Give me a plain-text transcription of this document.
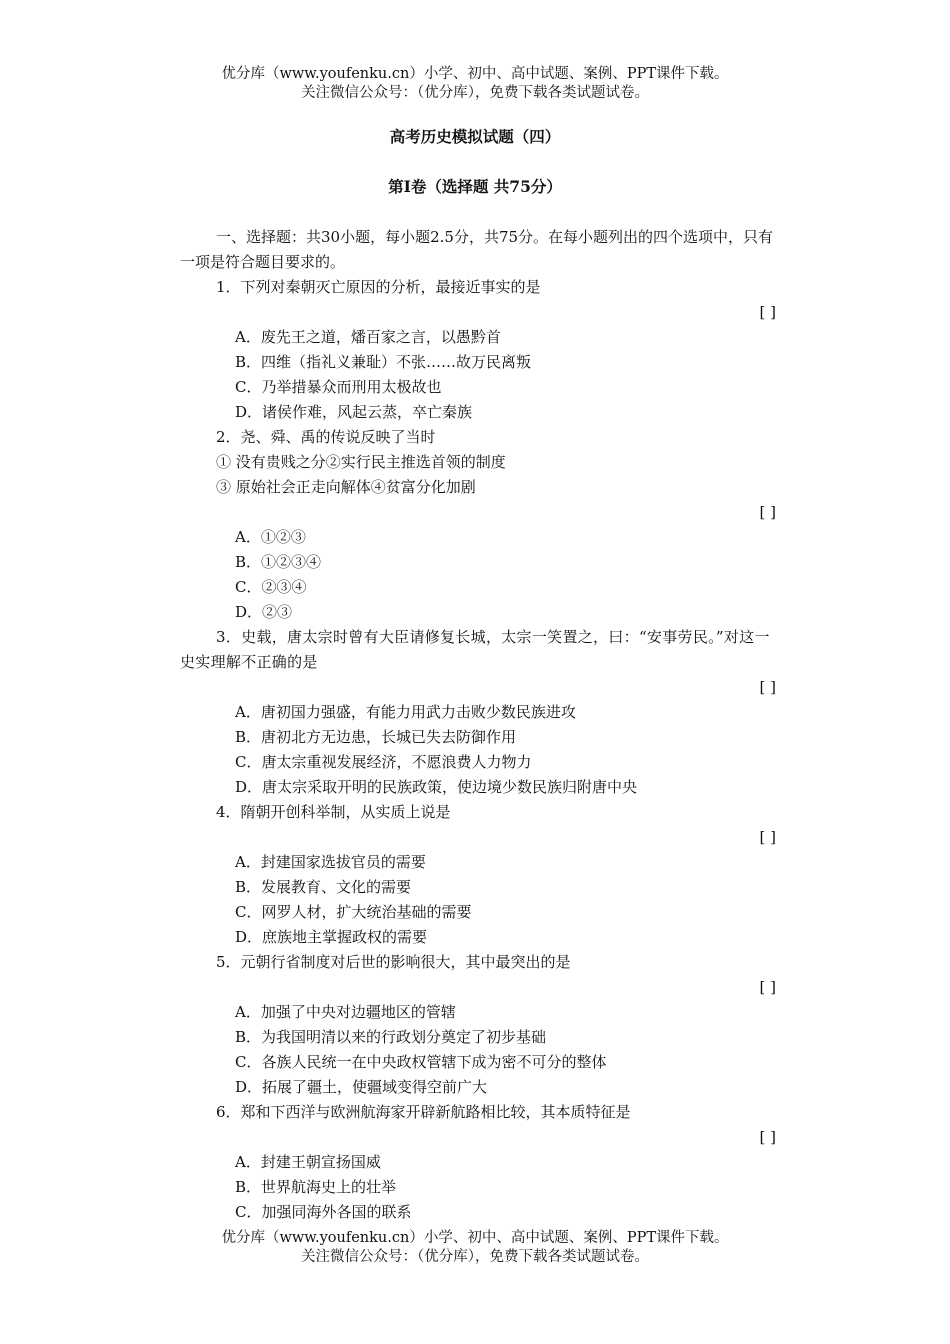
优分库（www.youfenku.cn）小学、初中、高中试题、案例、PPT课件下载。
关注微信公众号：（优分库），免费下载各类试题试卷。
高考历史模拟试题（四）
第Ⅰ卷（选择题 共75分）

一、选择题：共30小题，每小题2.5分，共75分。在每小题列出的四个选项中，只有一项是符合题目要求的。

1．下列对秦朝灭亡原因的分析，最接近事实的是
[ ]
A．废先王之道，燔百家之言，以愚黔首
B．四维（指礼义兼耻）不张……故万民离叛
C．乃举措暴众而刑用太极故也
D．诸侯作难，风起云蒸，卒亡秦族
2．尧、舜、禹的传说反映了当时
① 没有贵贱之分②实行民主推选首领的制度
③ 原始社会正走向解体④贫富分化加剧
[ ]
A．①②③
B．①②③④
C．②③④
D．②③
3．史载，唐太宗时曾有大臣请修复长城，太宗一笑置之，曰：“安事劳民。”对这一史实理解不正确的是
[ ]
A．唐初国力强盛，有能力用武力击败少数民族进攻
B．唐初北方无边患，长城已失去防御作用
C．唐太宗重视发展经济，不愿浪费人力物力
D．唐太宗采取开明的民族政策，使边境少数民族归附唐中央
4．隋朝开创科举制，从实质上说是
[ ]
A．封建国家选拔官员的需要
B．发展教育、文化的需要
C．网罗人材，扩大统治基础的需要
D．庶族地主掌握政权的需要
5．元朝行省制度对后世的影响很大，其中最突出的是
[ ]
A．加强了中央对边疆地区的管辖
B．为我国明清以来的行政划分奠定了初步基础
C．各族人民统一在中央政权管辖下成为密不可分的整体
D．拓展了疆土，使疆域变得空前广大
6．郑和下西洋与欧洲航海家开辟新航路相比较，其本质特征是
[ ]
A．封建王朝宣扬国威
B．世界航海史上的壮举
C．加强同海外各国的联系
优分库（www.youfenku.cn）小学、初中、高中试题、案例、PPT课件下载。
关注微信公众号：（优分库），免费下载各类试题试卷。
